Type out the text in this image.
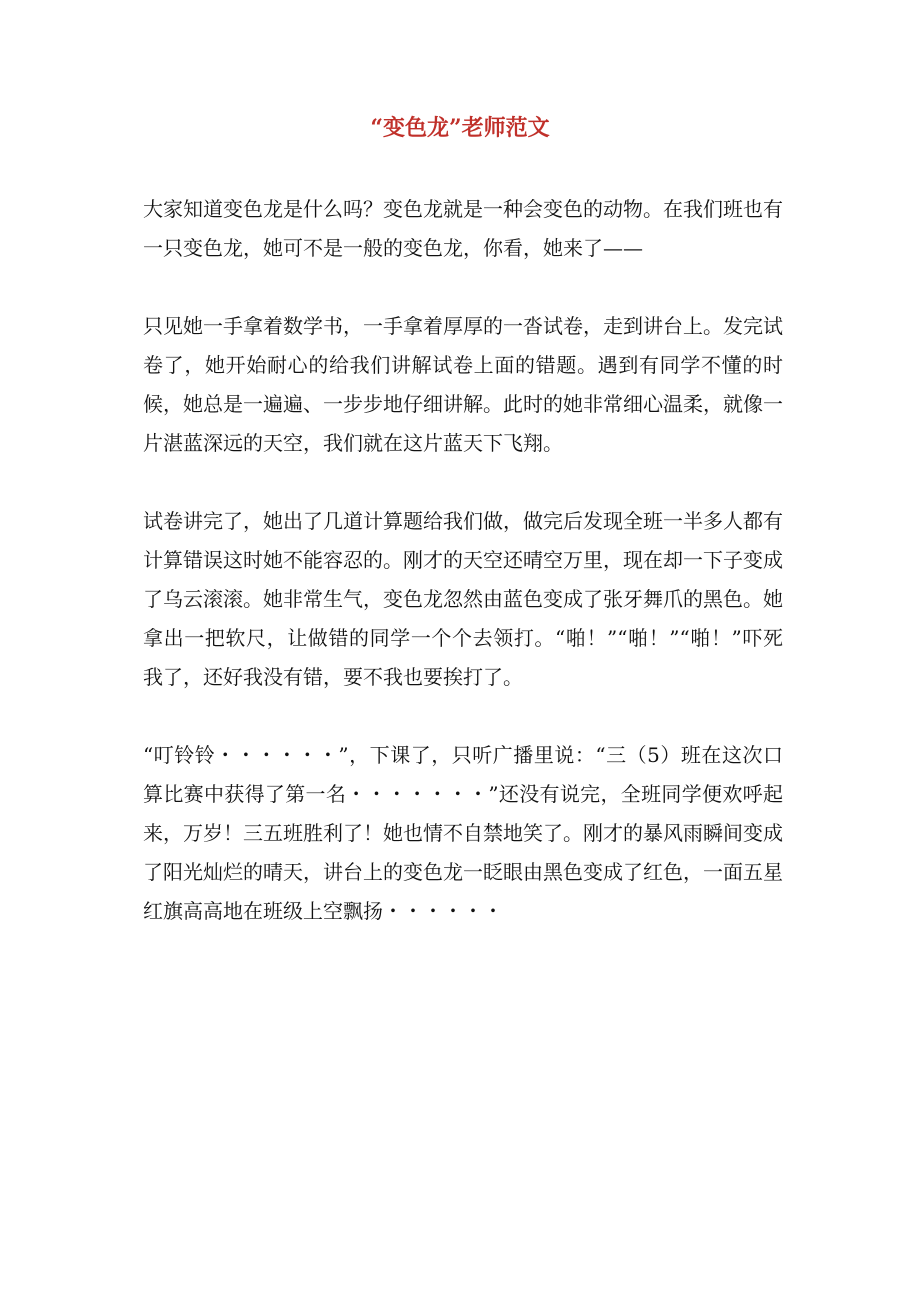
“变色龙”老师范文

大家知道变色龙是什么吗？变色龙就是一种会变色的动物。在我们班也有一只变色龙，她可不是一般的变色龙，你看，她来了——

只见她一手拿着数学书，一手拿着厚厚的一沓试卷，走到讲台上。发完试卷了，她开始耐心的给我们讲解试卷上面的错题。遇到有同学不懂的时候，她总是一遍遍、一步步地仔细讲解。此时的她非常细心温柔，就像一片湛蓝深远的天空，我们就在这片蓝天下飞翔。

试卷讲完了，她出了几道计算题给我们做，做完后发现全班一半多人都有计算错误这时她不能容忍的。刚才的天空还晴空万里，现在却一下子变成了乌云滚滚。她非常生气，变色龙忽然由蓝色变成了张牙舞爪的黑色。她拿出一把软尺，让做错的同学一个个去领打。“啪！”“啪！”“啪！”吓死我了，还好我没有错，要不我也要挨打了。

“叮铃铃・・・・・・”，下课了，只听广播里说：“三（5）班在这次口算比赛中获得了第一名・・・・・・・”还没有说完，全班同学便欢呼起来，万岁！三五班胜利了！她也情不自禁地笑了。刚才的暴风雨瞬间变成了阳光灿烂的晴天，讲台上的变色龙一眨眼由黑色变成了红色，一面五星红旗高高地在班级上空飘扬・・・・・・
